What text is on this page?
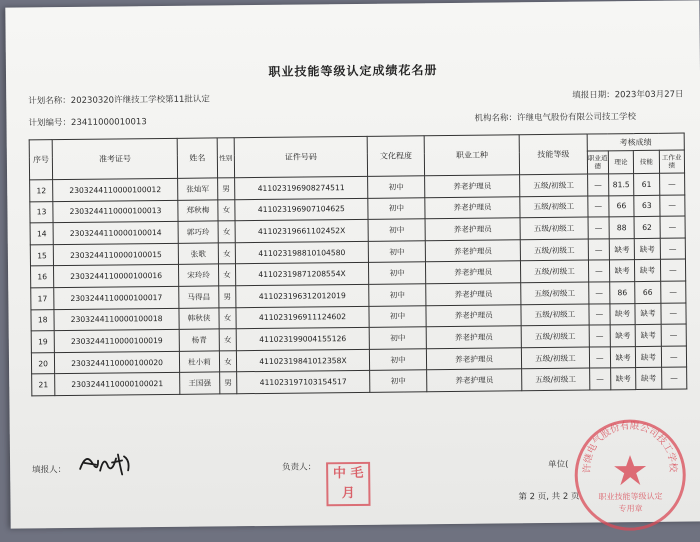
职业技能等级认定成绩花名册
计划名称：20230320许继技工学校第11批认定	填报日期：2023年03月27日
计划编号：23411000010013	机构名称：许继电气股份有限公司技工学校
序号	准考证号	姓名	性别	证件号码	文化程度	职业工种	技能等级	考核成绩			
								职业道德	理论	技能	工作业绩
12	2303244110000100012	张灿军	男	411023196908274511	初中	养老护理员	五级/初级工	—	81.5	61	—
13	2303244110000100013	郑秋梅	女	411023196907104625	初中	养老护理员	五级/初级工	—	66	63	—
14	2303244110000100014	郭巧玲	女	41102319661102452X	初中	养老护理员	五级/初级工	—	88	62	—
15	2303244110000100015	张歌	女	411023198810104580	初中	养老护理员	五级/初级工	—	缺考	缺考	—
16	2303244110000100016	宋玲玲	女	41102319871208554X	初中	养老护理员	五级/初级工	—	缺考	缺考	—
17	2303244110000100017	马得昌	男	411023196312012019	初中	养老护理员	五级/初级工	—	86	66	—
18	2303244110000100018	韩秋侠	女	411023196911124602	初中	养老护理员	五级/初级工	—	缺考	缺考	—
19	2303244110000100019	杨青	女	411023199004155126	初中	养老护理员	五级/初级工	—	缺考	缺考	—
20	2303244110000100020	杜小莉	女	41102319841012358X	初中	养老护理员	五级/初级工	—	缺考	缺考	—
21	2303244110000100021	王国强	男	411023197103154517	初中	养老护理员	五级/初级工	—	缺考	缺考	—
填报人：	负责人：	中 毛 月
单位(
第 2 页, 共 2 页
许继电气股份有限公司技工学校
职业技能等级认定
专用章
